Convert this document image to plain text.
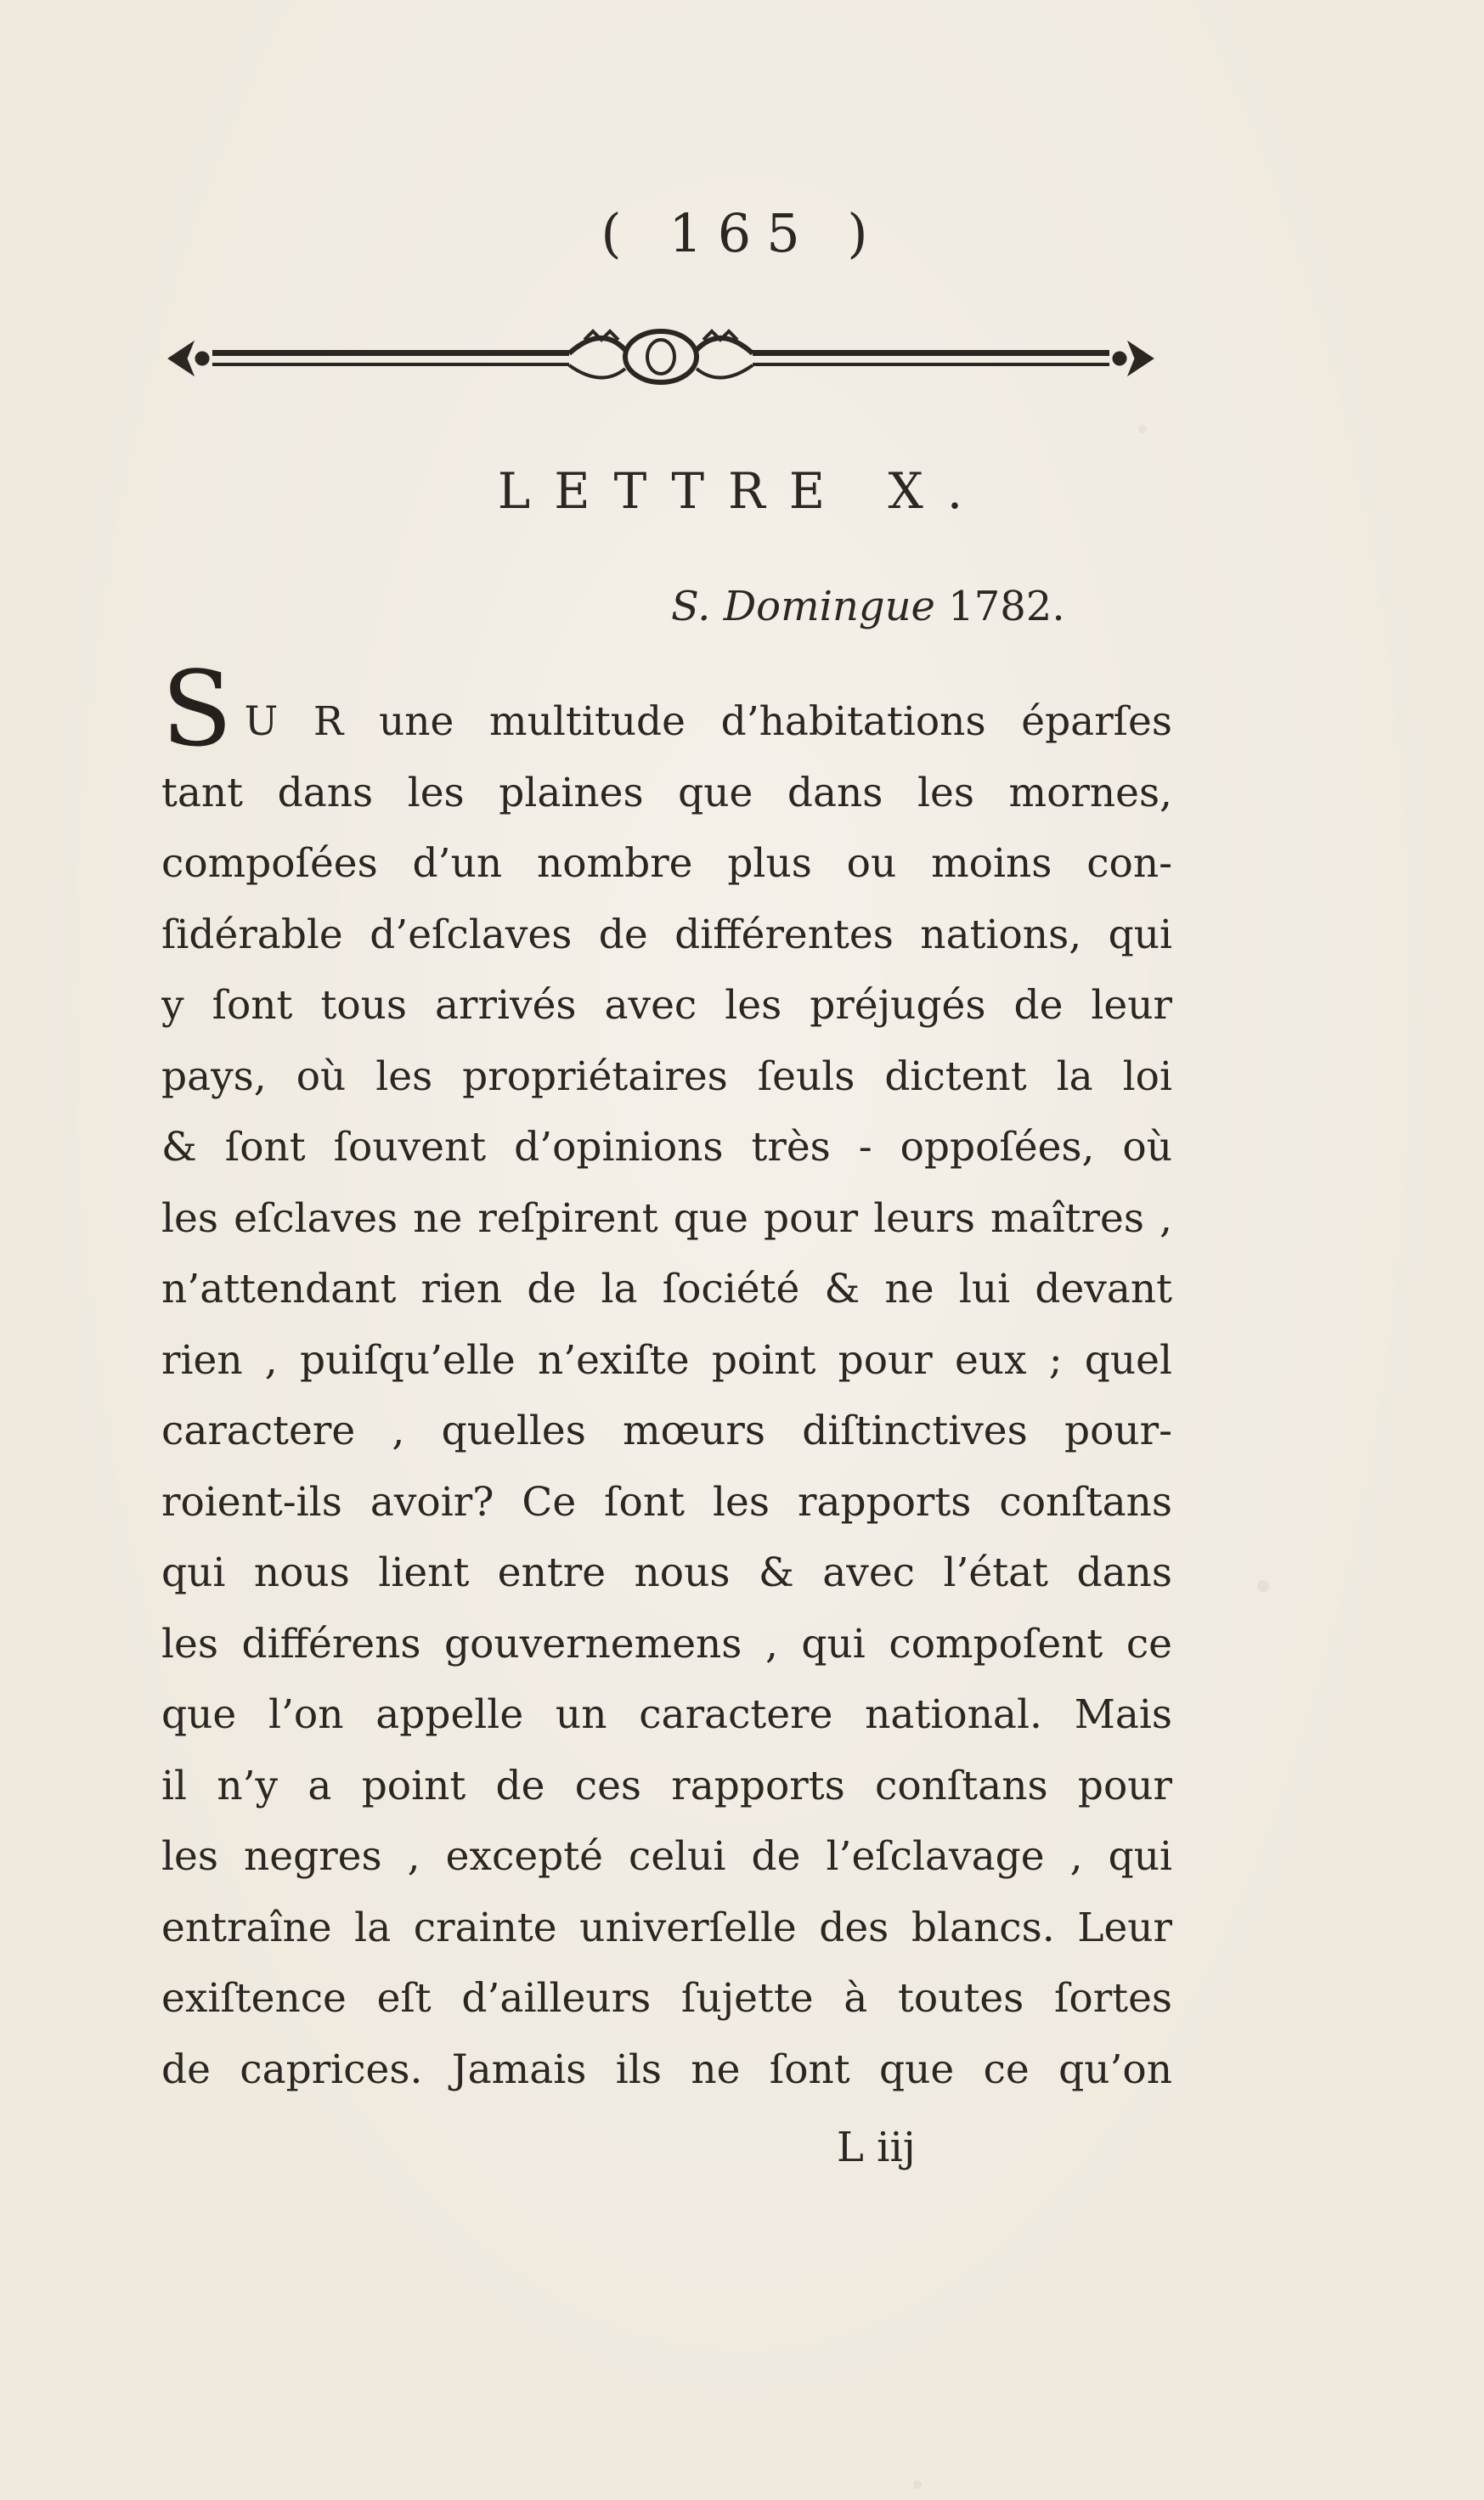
( 165 )
LETTRE X.
S. Domingue 1782.
S U R une multitude d’habitations éparſes
tant dans les plaines que dans les mornes,
compoſées d’un nombre plus ou moins con-
ſidérable d’eſclaves de différentes nations, qui
y ſont tous arrivés avec les préjugés de leur
pays, où les propriétaires ſeuls dictent la loi
& ſont ſouvent d’opinions très - oppoſées, où
les eſclaves ne reſpirent que pour leurs maîtres ,
n’attendant rien de la ſociété & ne lui devant
rien , puiſqu’elle n’exiſte point pour eux ; quel
caractere , quelles mœurs diſtinctives pour-
roient-ils avoir? Ce ſont les rapports conſtans
qui nous lient entre nous & avec l’état dans
les différens gouvernemens , qui compoſent ce
que l’on appelle un caractere national. Mais
il n’y a point de ces rapports conſtans pour
les negres , excepté celui de l’eſclavage , qui
entraîne la crainte univerſelle des blancs. Leur
exiſtence eſt d’ailleurs ſujette à toutes ſortes
de caprices. Jamais ils ne ſont que ce qu’on
L iij
